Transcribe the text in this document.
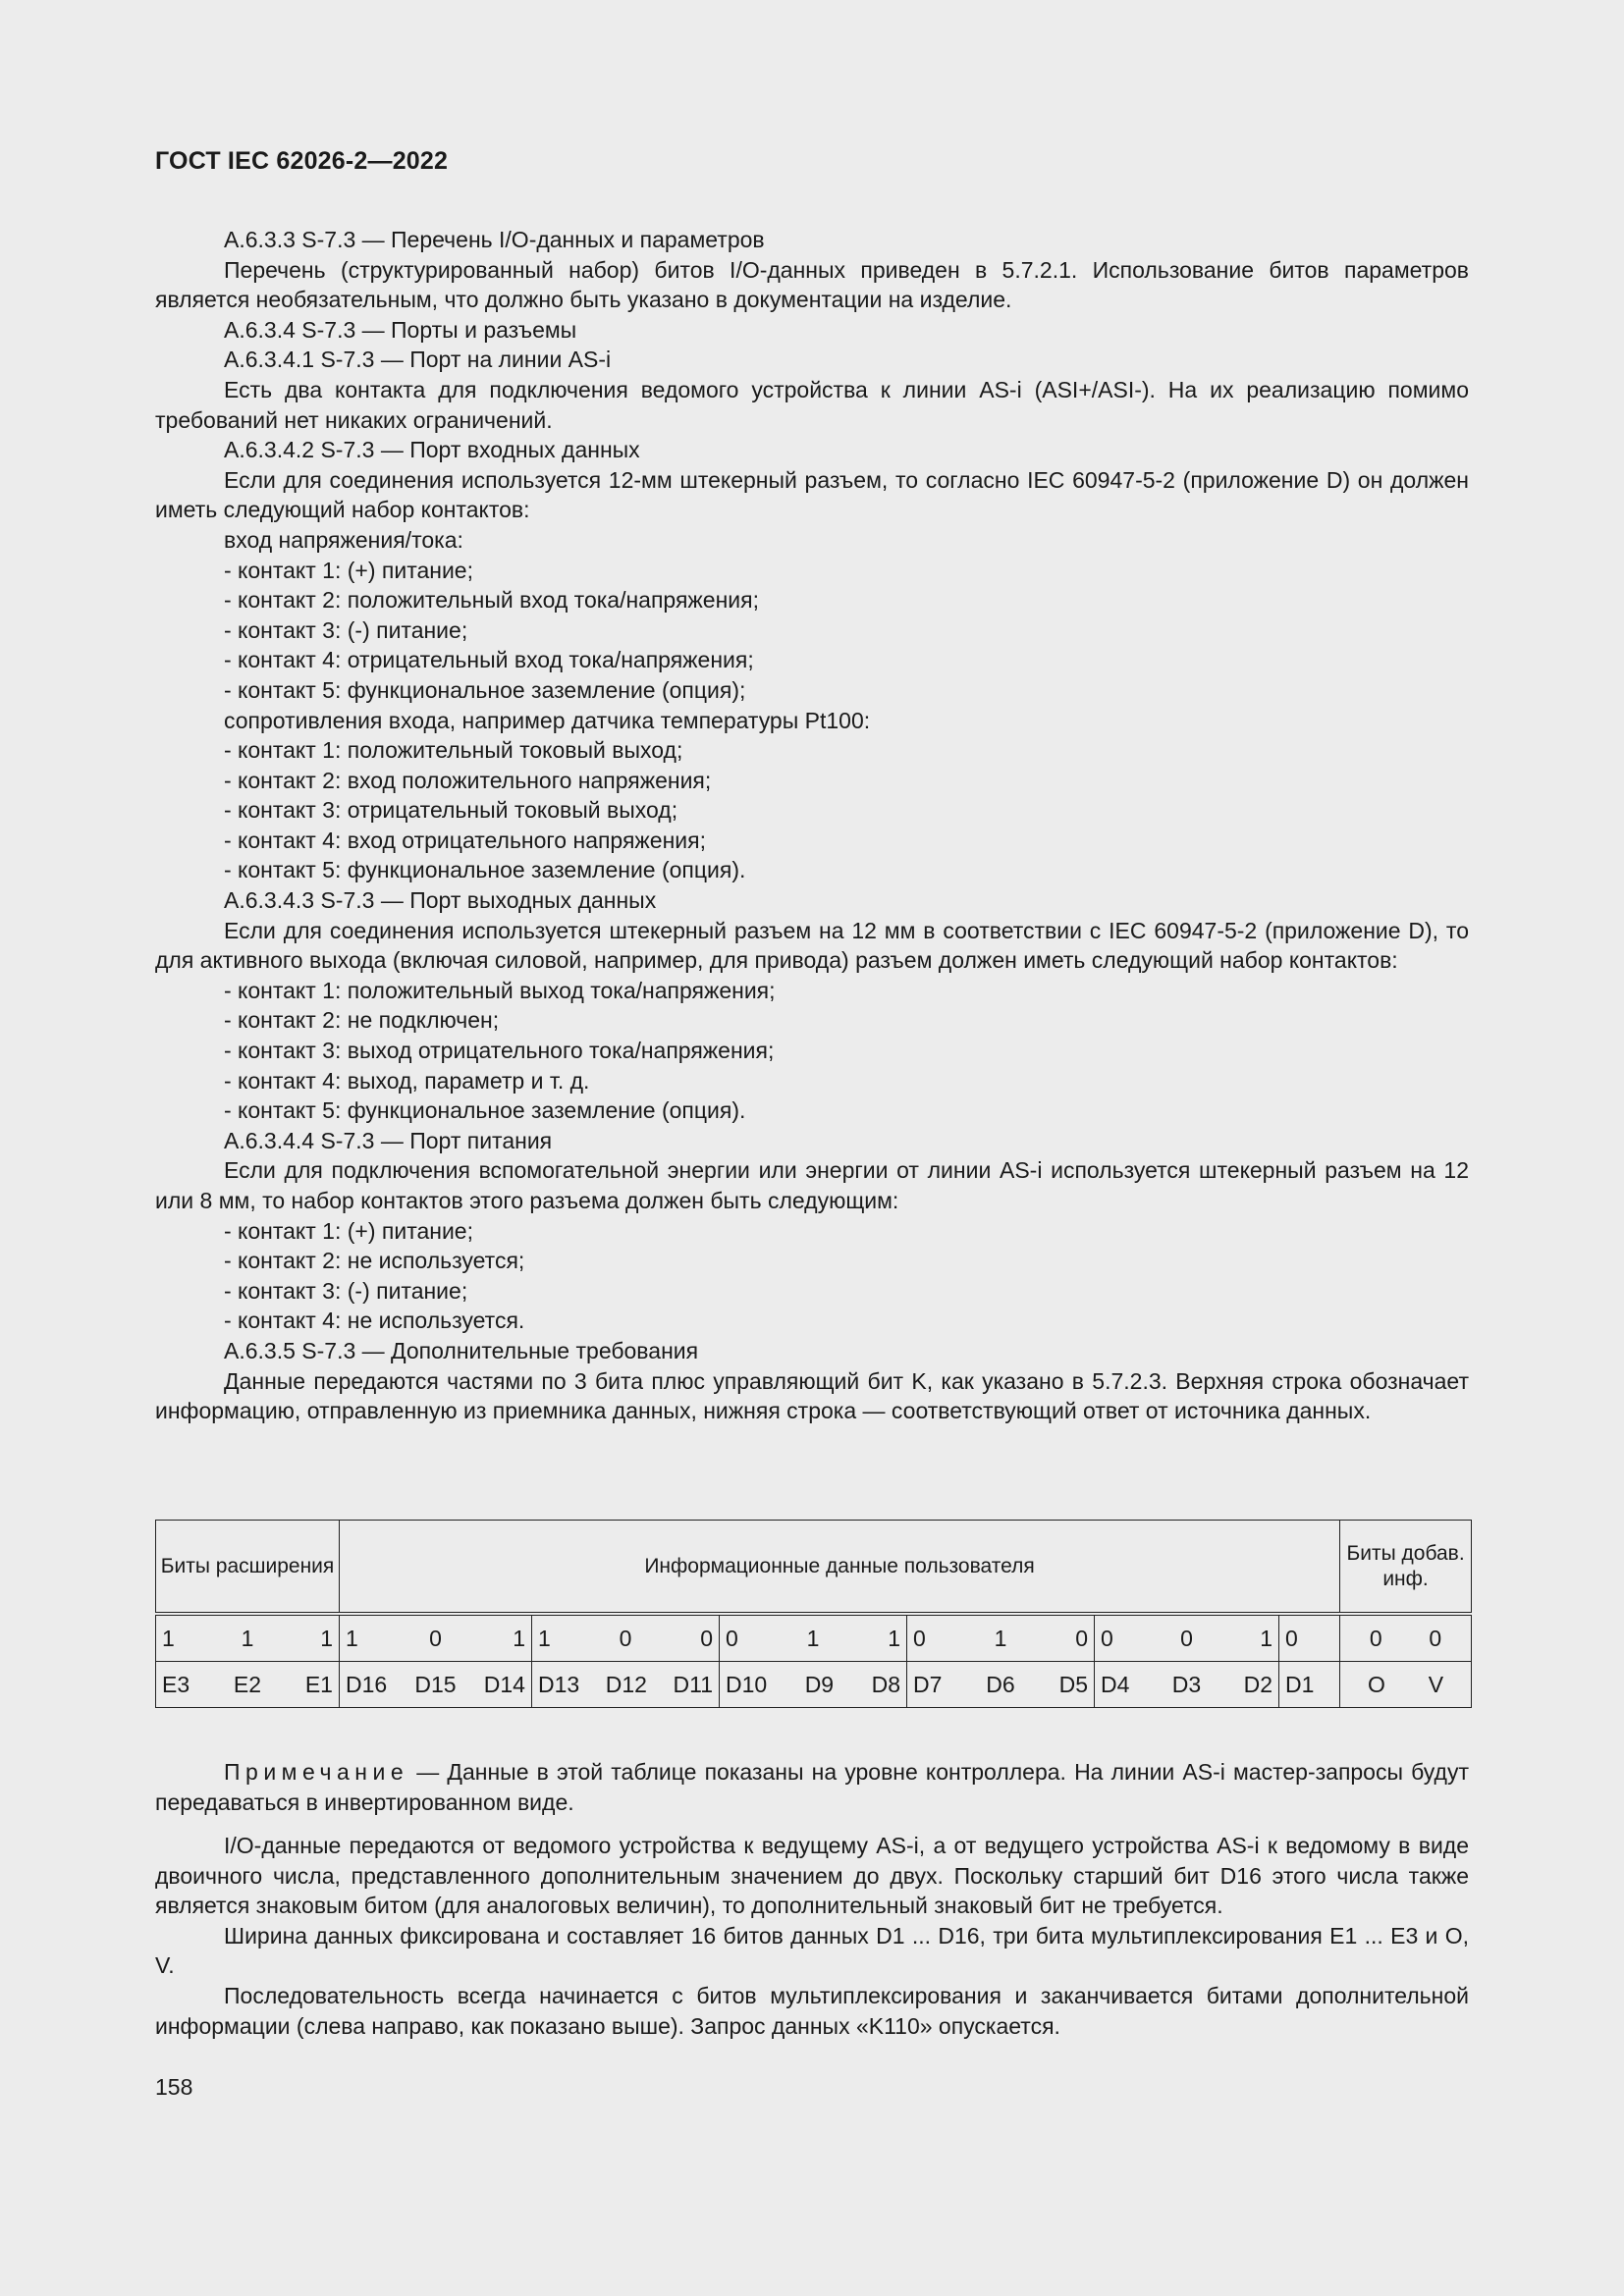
ГОСТ IEC 62026-2—2022

А.6.3.3 S-7.3 — Перечень I/О-данных и параметров

Перечень (структурированный набор) битов I/О-данных приведен в 5.7.2.1. Использование битов параметров является необязательным, что должно быть указано в документации на изделие.

А.6.3.4 S-7.3 — Порты и разъемы

А.6.3.4.1 S-7.3 — Порт на линии AS-i

Есть два контакта для подключения ведомого устройства к линии AS-i (ASI+/ASI-). На их реализацию помимо требований нет никаких ограничений.

А.6.3.4.2 S-7.3 — Порт входных данных

Если для соединения используется 12-мм штекерный разъем, то согласно IEC 60947-5-2 (приложение D) он должен иметь следующий набор контактов:

вход напряжения/тока:

- контакт 1: (+) питание;

- контакт 2: положительный вход тока/напряжения;

- контакт 3: (-) питание;

- контакт 4: отрицательный вход тока/напряжения;

- контакт 5: функциональное заземление (опция);

сопротивления входа, например датчика температуры Pt100:

- контакт 1: положительный токовый выход;

- контакт 2: вход положительного напряжения;

- контакт 3: отрицательный токовый выход;

- контакт 4: вход отрицательного напряжения;

- контакт 5: функциональное заземление (опция).

А.6.3.4.3 S-7.3 — Порт выходных данных

Если для соединения используется штекерный разъем на 12 мм в соответствии с IEC 60947-5-2 (приложение D), то для активного выхода (включая силовой, например, для привода) разъем должен иметь следующий набор контактов:

- контакт 1: положительный выход тока/напряжения;

- контакт 2: не подключен;

- контакт 3: выход отрицательного тока/напряжения;

- контакт 4: выход, параметр и т. д.

- контакт 5: функциональное заземление (опция).

А.6.3.4.4 S-7.3 — Порт питания

Если для подключения вспомогательной энергии или энергии от линии AS-i используется штекерный разъем на 12 или 8 мм, то набор контактов этого разъема должен быть следующим:

- контакт 1: (+) питание;

- контакт 2: не используется;

- контакт 3: (-) питание;

- контакт 4: не используется.

А.6.3.5 S-7.3 — Дополнительные требования

Данные передаются частями по 3 бита плюс управляющий бит K, как указано в 5.7.2.3. Верхняя строка обозначает информацию, отправленную из приемника данных, нижняя строка — соответствующий ответ от источника данных.

Биты расширения	Информационные данные пользователя						Биты добав. инф.

1 1 1	1 0 1	1 0 0	0 1 1	0 1 0	0 0 1	0	0 0

E3 E2 E1	D16 D15 D14	D13 D12 D11	D10 D9 D8	D7 D6 D5	D4 D3 D2	D1	O V

Примечание — Данные в этой таблице показаны на уровне контроллера. На линии AS-i мастер-запросы будут передаваться в инвертированном виде.

I/O-данные передаются от ведомого устройства к ведущему AS-i, а от ведущего устройства AS-i к ведомому в виде двоичного числа, представленного дополнительным значением до двух. Поскольку старший бит D16 этого числа также является знаковым битом (для аналоговых величин), то дополнительный знаковый бит не требуется.

Ширина данных фиксирована и составляет 16 битов данных D1 ... D16, три бита мультиплексирования E1 ... E3 и O, V.

Последовательность всегда начинается с битов мультиплексирования и заканчивается битами дополнительной информации (слева направо, как показано выше). Запрос данных «K110» опускается.

158
